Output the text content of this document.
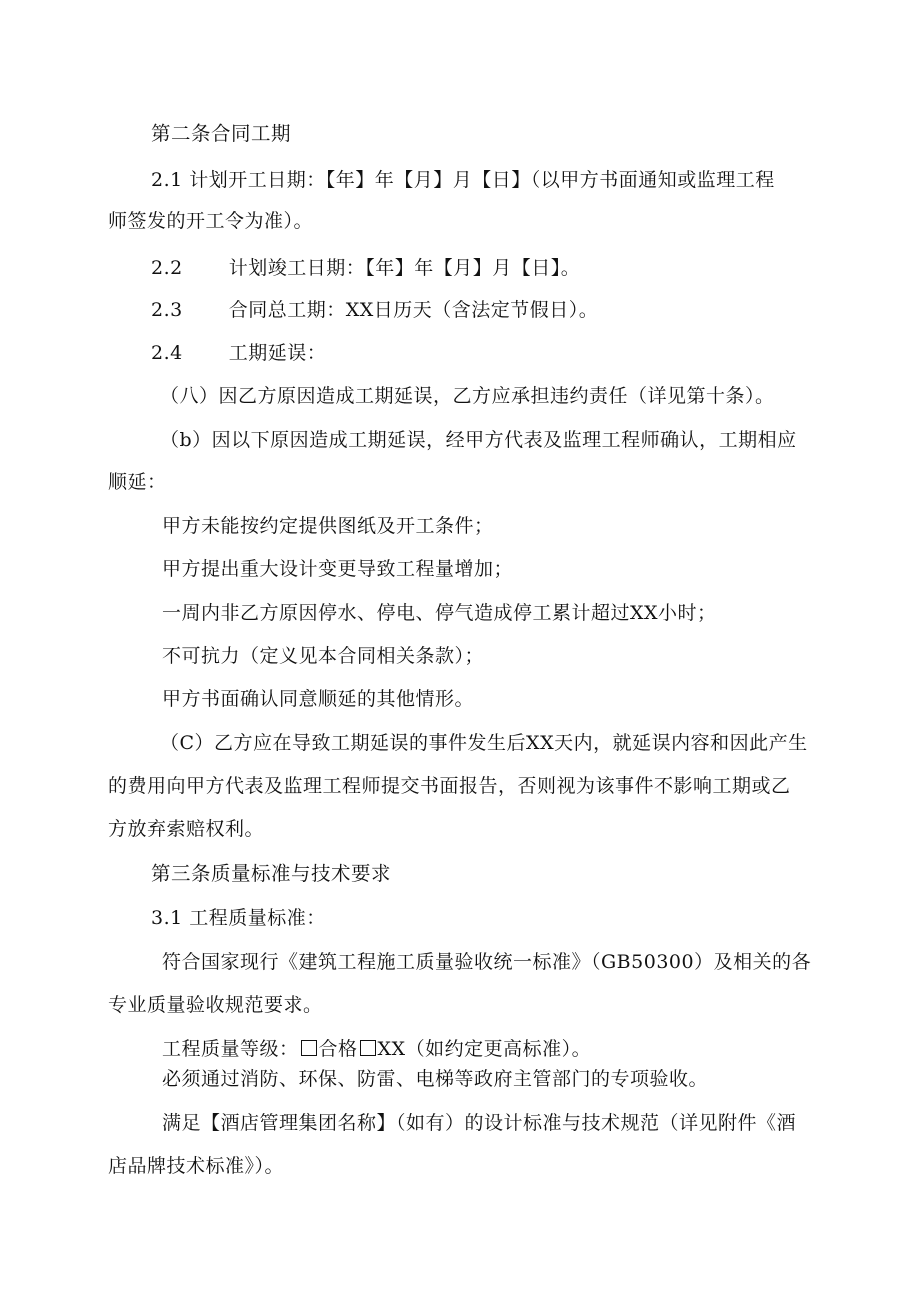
第二条合同工期
2.1 计划开工日期：【年】年【月】月【日】（以甲方书面通知或监理工程
师签发的开工令为准）。
2.2 计划竣工日期：【年】年【月】月【日】。
2.3 合同总工期：XX日历天（含法定节假日）。
2.4 工期延误：
（八）因乙方原因造成工期延误，乙方应承担违约责任（详见第十条）。
（b）因以下原因造成工期延误，经甲方代表及监理工程师确认，工期相应
顺延：
甲方未能按约定提供图纸及开工条件；
甲方提出重大设计变更导致工程量增加；
一周内非乙方原因停水、停电、停气造成停工累计超过XX小时；
不可抗力（定义见本合同相关条款）；
甲方书面确认同意顺延的其他情形。
（C）乙方应在导致工期延误的事件发生后XX天内，就延误内容和因此产生
的费用向甲方代表及监理工程师提交书面报告，否则视为该事件不影响工期或乙
方放弃索赔权利。
第三条质量标准与技术要求
3.1 工程质量标准：
符合国家现行《建筑工程施工质量验收统一标准》（GB50300）及相关的各
专业质量验收规范要求。
工程质量等级： 合格 XX（如约定更高标准）。
必须通过消防、环保、防雷、电梯等政府主管部门的专项验收。
满足【酒店管理集团名称】（如有）的设计标准与技术规范（详见附件《酒
店品牌技术标准》）。
